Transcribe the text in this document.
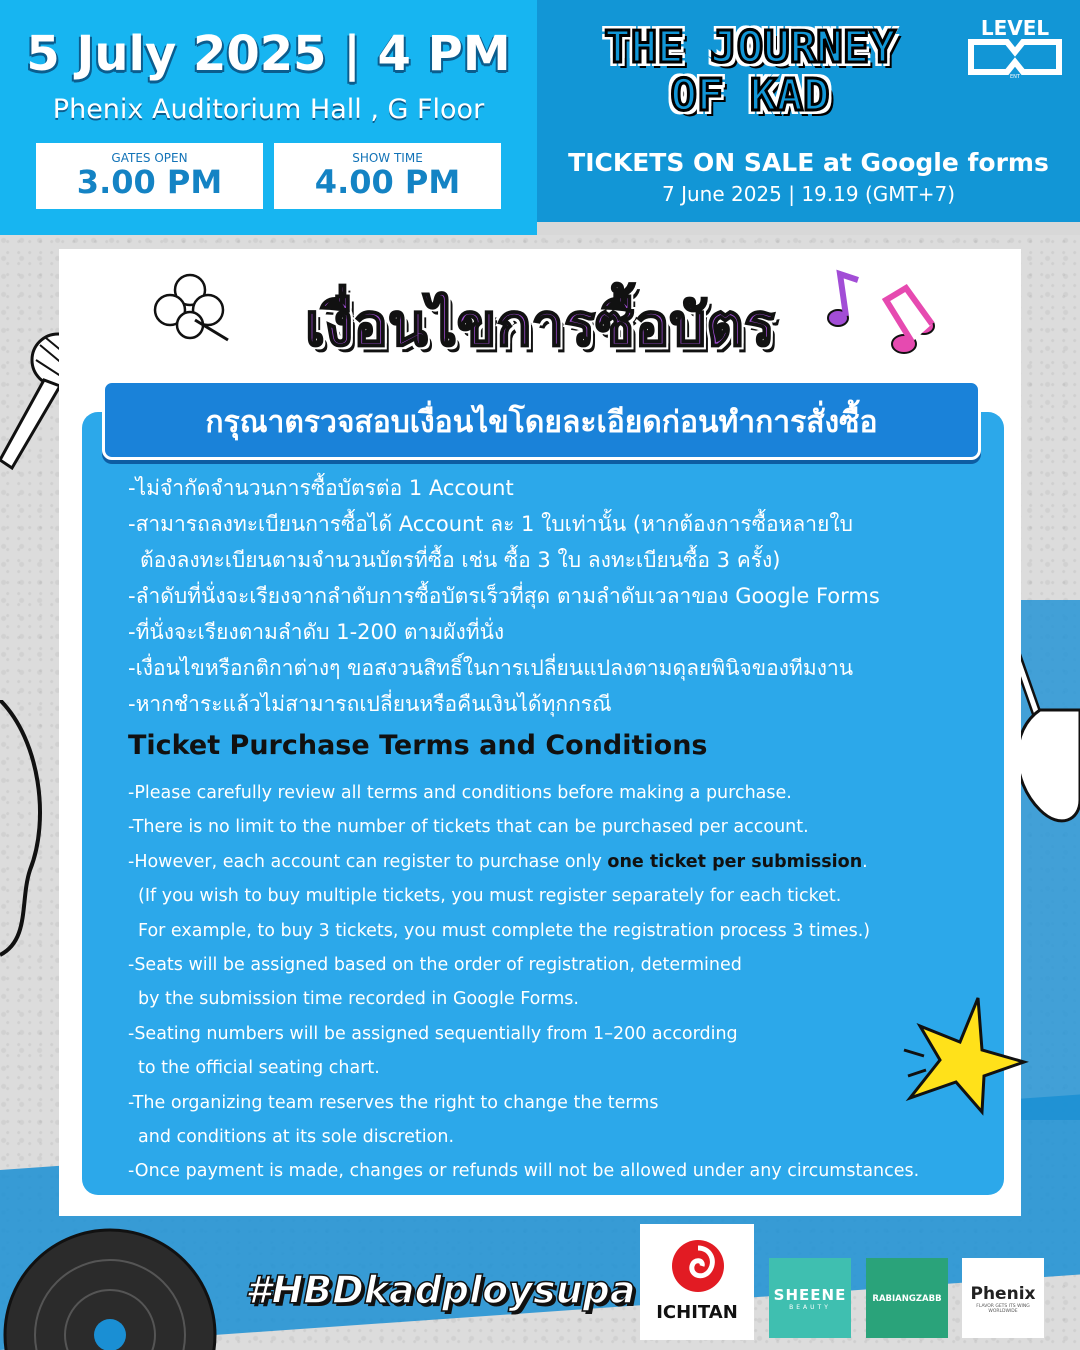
5 July 2025 | 4 PM
Phenix Auditorium Hall , G Floor
GATES OPEN
3.00 PM
SHOW TIME
4.00 PM
THE JOURNEY
OF KAD
LEVEL
ENT
TICKETS ON SALE at Google forms
7 June 2025 | 19.19 (GMT+7)
เงื่อนไขการซื้อบัตร
กรุณาตรวจสอบเงื่อนไขโดยละเอียดก่อนทำการสั่งซื้อ
-ไม่จำกัดจำนวนการซื้อบัตรต่อ 1 Account
-สามารถลงทะเบียนการซื้อได้ Account ละ 1 ใบเท่านั้น (หากต้องการซื้อหลายใบ
ต้องลงทะเบียนตามจำนวนบัตรที่ซื้อ เช่น ซื้อ 3 ใบ ลงทะเบียนซื้อ 3 ครั้ง)
-ลำดับที่นั่งจะเรียงจากลำดับการซื้อบัตรเร็วที่สุด ตามลำดับเวลาของ Google Forms
-ที่นั่งจะเรียงตามลำดับ 1-200 ตามผังที่นั่ง
-เงื่อนไขหรือกติกาต่างๆ ขอสงวนสิทธิ์ในการเปลี่ยนแปลงตามดุลยพินิจของทีมงาน
-หากชำระแล้วไม่สามารถเปลี่ยนหรือคืนเงินได้ทุกกรณี
Ticket Purchase Terms and Conditions
-Please carefully review all terms and conditions before making a purchase.
-There is no limit to the number of tickets that can be purchased per account.
-However, each account can register to purchase only one ticket per submission.
(If you wish to buy multiple tickets, you must register separately for each ticket.
For example, to buy 3 tickets, you must complete the registration process 3 times.)
-Seats will be assigned based on the order of registration, determined
by the submission time recorded in Google Forms.
-Seating numbers will be assigned sequentially from 1–200 according
to the official seating chart.
-The organizing team reserves the right to change the terms
and conditions at its sole discretion.
-Once payment is made, changes or refunds will not be allowed under any circumstances.
#HBDkadploysupa
ICHITAN
SHEENE
BEAUTY
RABIANGZABB	Phenix
FLAVOR GETS ITS WING WORLDWIDE
